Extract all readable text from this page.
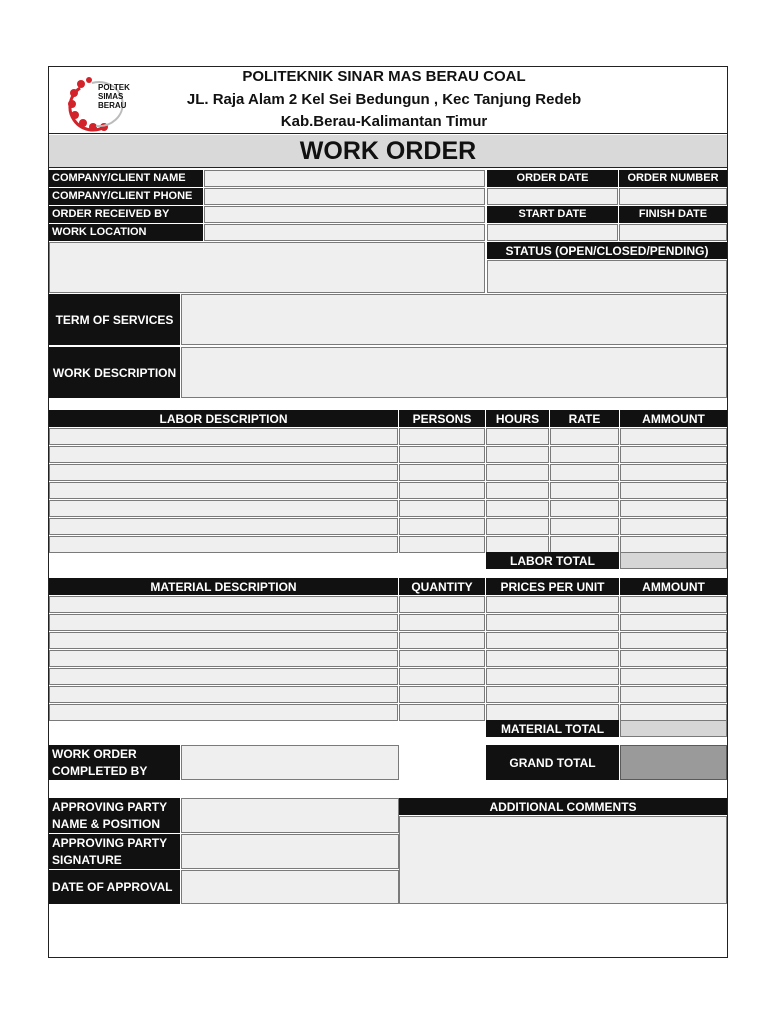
POLTEK
SIMAS
BERAU
POLITEKNIK SINAR MAS BERAU COAL
JL. Raja Alam 2 Kel Sei Bedungun , Kec Tanjung Redeb
Kab.Berau-Kalimantan Timur
WORK ORDER
COMPANY/CLIENT NAME
COMPANY/CLIENT PHONE
ORDER RECEIVED BY
WORK LOCATION
ORDER DATE	ORDER NUMBER
START DATE	FINISH DATE
STATUS (OPEN/CLOSED/PENDING)
TERM OF SERVICES
WORK DESCRIPTION
LABOR DESCRIPTION	PERSONS	HOURS	RATE	AMMOUNT
LABOR TOTAL
MATERIAL DESCRIPTION	QUANTITY	PRICES PER UNIT	AMMOUNT
MATERIAL TOTAL
WORK ORDER COMPLETED BY
GRAND TOTAL
APPROVING PARTY NAME & POSITION
APPROVING PARTY SIGNATURE
DATE OF APPROVAL
ADDITIONAL COMMENTS
